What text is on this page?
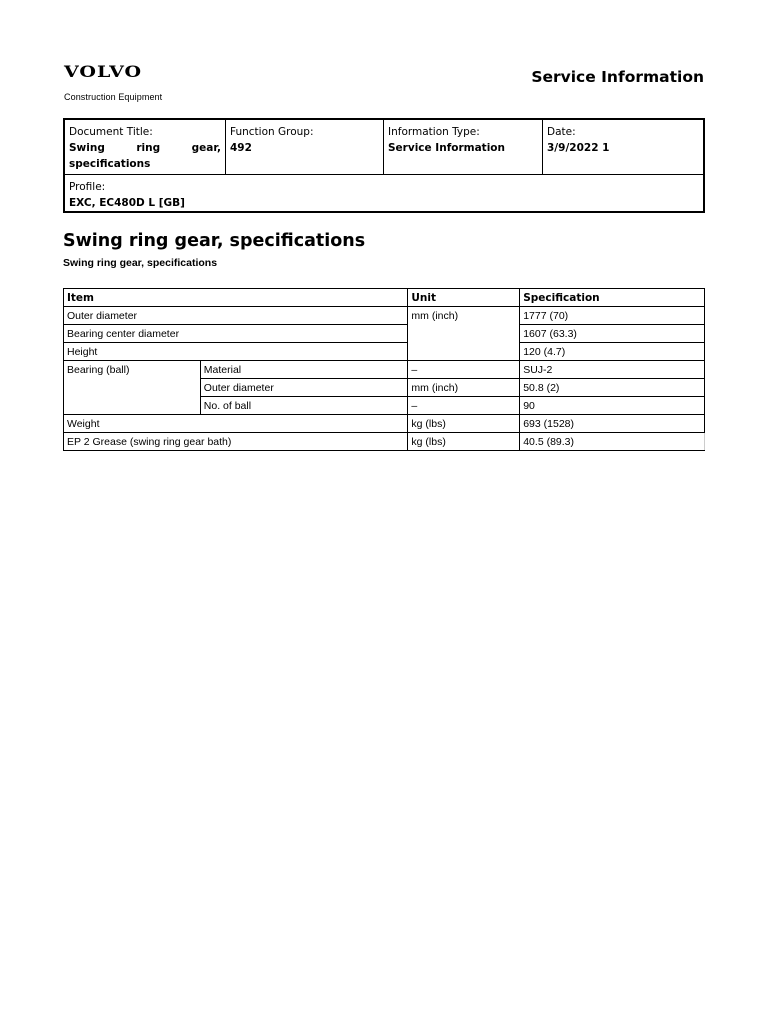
VOLVO
Construction Equipment
Service Information
Document Title:
Swing	ring	gear,
specifications
Function Group:
492
Information Type:
Service Information
Date:
3/9/2022 1
Profile:
EXC, EC480D L [GB]
Swing ring gear, specifications
Swing ring gear, specifications
Item		Unit	Specification
Outer diameter		mm (inch)	1777 (70)
Bearing center diameter			1607 (63.3)
Height			120 (4.7)
Bearing (ball)	Material	–	SUJ-2
	Outer diameter	mm (inch)	50.8 (2)
	No. of ball	–	90
Weight		kg (lbs)	693 (1528)
EP 2 Grease (swing ring gear bath)		kg (lbs)	40.5 (89.3)
